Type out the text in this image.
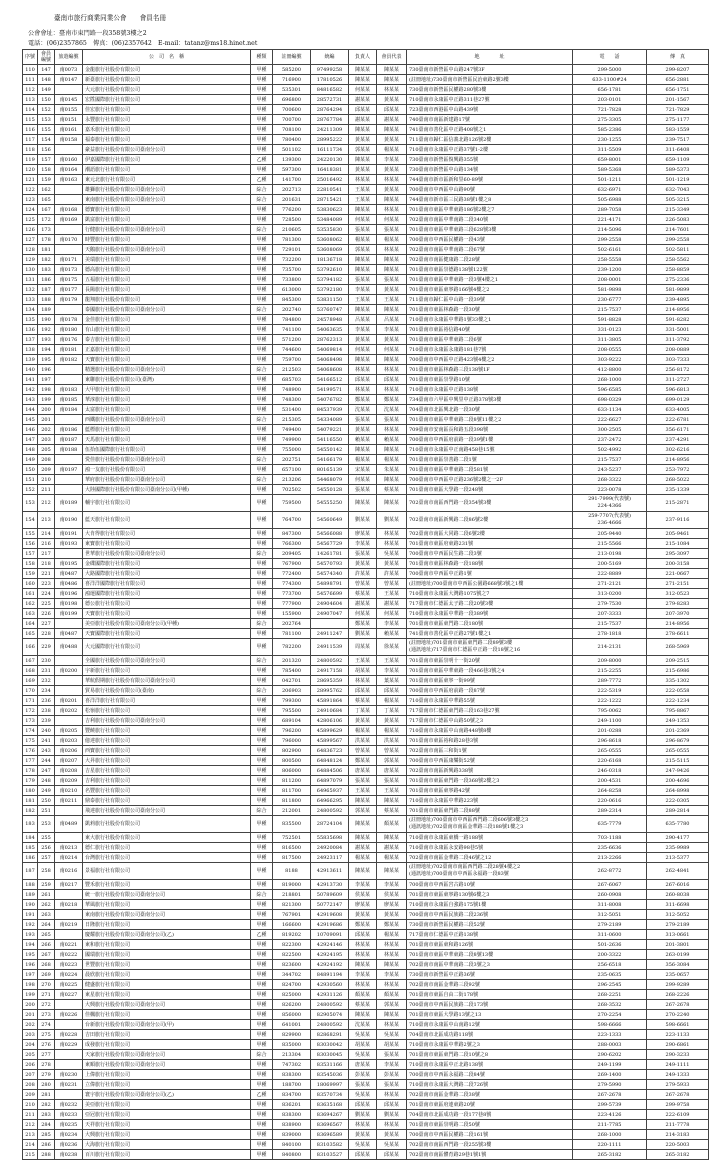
臺南市旅行商業同業公會　　會員名冊
公會會址：臺南市東門路一段358號3樓之2
電話：(06)2357865　傳真：(06)2357642　E-mail：tatanz@ms18.hinet.net
序號	會員編號	旅遊編號	公　司　名　稱	種類	註冊編號	統編	負責人	會員代表	地　　　　址	電　　話	傳　真
110	147	南0073	金龍旅行社股份有限公司	甲種	585200	97499258	陳某某	陳某某	730臺南市新營區中山路247號3F	299-5000	299-8207
111	148	南0147	新臺旅行社股份有限公司	甲種	716900	17810526	陳某某	陳某某	(註冊地址)730臺南市新營區民治東路2號3樓	633-1100#24	656-2881
112	149		大元旅行社股份有限公司	甲種	535301	84816582	何某某	林某某	730臺南市新營區民權路280號3樓	656-1781	656-1751
113	150	南0145	宏陞國際旅行社有限公司	甲種	696800	28572731	謝某某	黃某某	710臺南市永康區中正路311巷27號	203-0101	201-1567
114	152	南0155	佳宏旅行社有限公司	甲種	700600	28764294	邱某某	邱某某	723臺南市西港區中山路439號	721-7828	721-7829
115	153	南0151	永豐旅行社有限公司	甲種	700700	28767784	謝某某	謝某某	740臺南市南區新建路17號	275-3305	275-1177
116	155	南0161	嘉禾旅行社有限公司	甲種	708100	24211309	陳某某	陳某某	741臺南市善化區中正路408號之1	585-2386	583-1559
117	154	南0158	福泰旅行社有限公司	甲種	780400	28995222	黃某某	黃某某	711臺南市歸仁區信義北路126號2樓	230-1255	239-7517
118	156		豪益旅行社股份有限公司臺南分公司	甲種	501102	16111734	郭某某	楊某某	710臺南市永康區中正路37號1-2樓	311-5509	311-6408
119	157	南0160	伊嘉國際旅行社有限公司	乙種	139300	24220130	陳某某	李某某	730臺南市新營區復興路355號	659-8001	659-1109
120	158	南0164	潮語旅行社有限公司	甲種	597300	16418381	黃某某	黃某某	730臺南市新營區中山路134號	589-5368	589-5373
121	159	南0163	東元北旅行社有限公司	乙種	141700	25016492	林某某	林某某	744臺南市新市區新和里60-89號	501-1211	501-1219
122	162		雄獅旅行社股份有限公司臺南分公司	綜合	202713	22810541	王某某	黃某某	700臺南市中西區中山路90號	632-6971	632-7043
123	165		東南旅行社股份有限公司臺南分公司	綜合	201631	28715421	王某某	陳某某	744臺南市新市區三民路38號1樓之8	505-6988	505-3215
124	167	南0168	德寶旅行社有限公司	甲種	776200	53830623	陳某某	林某某	701臺南市東區中華東路186號2樓之7	289-7058	215-3349
125	172	南0169	凱富旅行社有限公司	甲種	728500	53484089	何某某	何某某	702臺南市南區中華南路二段340號	221-4171	226-5083
126	173		行健旅行社股份有限公司臺南分公司	綜合	210605	53535830	張某某	張某某	701臺南市東區中華東路三段628號3樓	214-5096	214-7601
127	178	南0170	時豐旅行社有限公司	甲種	781300	53608062	楊某某	楊某某	700臺南市中西區民權路一段43號	299-2558	299-2558
128	181		天鵝旅行社股份有限公司臺南分公司	甲種	729101	53608069	郭某某	林某某	702臺南市南區中華南路二段67號	502-6161	502-5811
129	182	南0171	美瑞旅行社有限公司	甲種	732200	18136718	陳某某	陳某某	702臺南市南區健康路二段28號	258-5558	258-5562
130	183	南0173	德高旅行社有限公司	甲種	735700	53792610	陳某某	陳某某	701臺南市東區崇德路138號122號	239-1200	258-8859
131	186	南0175	五福旅行社有限公司	甲種	733800	53794182	張某某	張某某	701臺南市東區中華東路一段3號4樓之1	208-0001	275-2336
132	187	南0177	長陽旅行社有限公司	甲種	613000	53792180	李某某	黃某某	701臺南市東區東寧路166號4樓之2	581-9898	581-9899
133	188	南0179	龍翔旅行社股份有限公司	甲種	845300	53831150	王某某	王某某	711臺南市歸仁區中山路一段39號	230-6777	239-4895
134	189		泰國旅行社股份有限公司臺南分公司	綜合	202740	53760747	陳某某	陳某某	701臺南市東區林森路一段30號	215-7537	214-8956
135	190	南0178	金佳旅行社有限公司	甲種	784800	24578948	呂某某	呂某某	710臺南市永康區中華路1號33樓之1	591-8828	591-8282
136	192	南0180	有山旅行社有限公司	甲種	741100	54063635	李某某	李某某	701臺南市東區裕信路40號	331-0123	331-5001
137	193	南0176	泰吉旅行社有限公司	甲種	571200	28762313	黃某某	黃某某	701臺南市東區中華東路二段6號	311-3805	311-3792
138	194	南0181	正嘉旅行社有限公司	甲種	744600	54069814	何某某	何某某	710臺南市永康區永康路181巷7號	208-0555	208-0889
139	195	南0182	天寶旅行社有限公司	甲種	759700	54068498	陳某某	陳某某	700臺南市中西區中正路423號4樓之2	303-9222	303-7333
140	196		精選旅行社股份有限公司臺南分公司	綜合	212503	54068608	林某某	林某某	701臺南市東區林森路三段138號1F	412-8800	256-8172
141	197		東聯旅行社股份有限公司(臺灣)	甲種	685703	54166512	邱某某	邱某某	701臺南市東區崇學路10號	268-1000	311-2727
142	198	南0183	大甲旅行社有限公司	甲種	748900	54199571	林某某	林某某	710臺南市永康區中正路138號	596-6585	596-6813
143	199	南0185	華淳旅行社有限公司	甲種	748300	54076782	鄭某某	鄭某某	734臺南市六甲區中興里中正路378號3樓	698-0329	699-0129
144	200	南0184	太富旅行社有限公司	甲種	531400	84537939	沈某某	沈某某	704臺南市北區興北路一段30號	633-1134	633-4005
145	201		西鐵旅行社股份有限公司臺南分公司	綜合	215305	54334089	張某某	張某某	701臺南市東區中華東路二段8號11樓之2	222-6627	222-6781
146	202	南0186	藍標旅行社有限公司	甲種	749400	54079221	黃某某	林某某	709臺南市安南區長和路五段398號	300-2505	356-6171
147	203	南0187	天馬旅行社有限公司	甲種	749900	54116550	賴某某	賴某某	700臺南市中西區府前路一段39號1樓	237-2472	237-4291
148	205	南0188	伍拾伍國際旅行社有限公司	甲種	755000	54550142	陳某某	陳某某	710臺南市永康區中正南路458巷15號	502-4992	302-6216
149	208		愛佳旅行社股份有限公司臺南分公司	綜合	202751	54166179	楊某某	楊某某	701臺南市東區崇善路二段1號	215-7537	214-8956
150	209	南0197	鴻一友旅行社股份有限公司	甲種	657100	80165139	宋某某	朱某某	701臺南市東區中華東路二段581號	243-5237	253-7972
151	210		華府旅行社股份有限公司臺南分公司	綜合	213206	54468079	何某某	陳某某	700臺南市中西區中正路236號2樓之一2F	268-3322	268-5022
152	211		大陸國際旅行社股份有限公司臺南分公司(甲種)	甲種	702502	54550128	張某某	蔡某某	701臺南市東區大學路一段248號	223-0078	235-1339
153	212	南0189	輔宇旅行社有限公司	甲種	759500	54555250	陳某某	陳某某	702臺南市南區西門路一段354號3樓	291-7999(代表號)
224-4366	215-2871
154	213	南0190	藍天旅行社有限公司	甲種	764700	54560649	劉某某	劉某某	702臺南市南區新興路二段86號2樓	259-7707(代表號)
236-4666	237-9116
155	214	南0191	大肯得旅行社有限公司	甲種	847300	54566088	廖某某	林某某	702臺南市南區大同路二段6號2樓	205-9440	205-9461
156	216	南0193	東寶旅行社有限公司	甲種	766300	54567729	李某某	林某某	701臺南市東區府東路231號	215-5566	215-1084
157	217		世華旅行社股份有限公司臺南分公司	綜合	209405	14261781	張某某	吳某某	700臺南市中西區民生路二段3號	213-0198	295-3097
158	218	南0195	金碟國際旅行社有限公司	甲種	767900	54570793	黃某某	黃某某	701臺南市東區林森路一段188號	200-5169	200-3158
159	221	南0487	大路國際旅行社有限公司	甲種	772400	54574340	許某某	許某某	700臺南市中西區中正路1號	222-8889	221-0667
160	223	南0486	喜洋洋國際旅行社有限公司	甲種	774300	54898791	曾某某	曾某某	(註冊地址)700臺南市中西區公園路668號3號之1樓	271-2121	271-2151
161	224	南0196	鴻運國際旅行社有限公司	甲種	773700	54576699	蔡某某	王某某	710臺南市永康區大灣路1075號之7	313-0200	312-0523
162	225	南0198	德公旅行社有限公司	甲種	777900	24904604	謝某某	謝某某	717臺南市仁德區太子路二段20號3樓	279-7530	279-8283
163	226	南0199	天寶旅行社有限公司	甲種	155900	24907047	何某某	何某某	710臺南市永康區中華路一段389號	207-3333	207-3970
164	227		美亞旅行社股份有限公司臺南分公司(甲種)	綜合	202764		鄭某某	李某某	701臺南市東區東門路二段180號	215-7537	214-8956
165	228	南0487	天寶國際旅行社有限公司	甲種	781100	24911247	劉某某	賴某某	741臺南市善化區中正路27號1樓之1	278-1818	278-6611
166	229	南0488	大元國際旅行社有限公司	甲種	782200	24911539	周某某	徐某某	(註冊地址)701臺南市東區東門路二段89號3樓
(通訊地址)717臺南市仁德區中正路一段18號之16	214-2131	268-5969
167	230		全國旅行社股份有限公司臺南分公司	綜合	201320	24800592	王某某	王某某	701臺南市東區崇明十一街20號	209-8000	209-2515
168	231	南0200	宇新旅行社有限公司	甲種	785400	24917158	胡某某	李某某	701臺南市東區中華東路一段466巷3號之4	215-2255	215-6986
169	232		華航假期旅行社股份有限公司臺南分公司	甲種	042701	28695359	林某某	葉某某	701臺南市東區東寧一街99號	289-7772	335-1302
170	234		貿易旅行社股份有限公司(臺南)	綜合	206903	28995762	邱某某	邱某某	700臺南市中西區府前路一段87號	222-5319	222-0558
171	236	南0201	喜洋洋旅行社有限公司	甲種	799300	45891864	蔡某某	楊某某	710臺南市永康區中華路55號	222-1222	222-1234
172	238	南0202	松嶺旅行社有限公司	甲種	795500	24910684	丁某某	丁某某	717臺南市仁德區東門路三段163巷27號	795-0062	795-8867
173	239		吉利旅行社股份有限公司臺南分公司	甲種	689104	42806106	黃某某	黃某某	717臺南市仁德區中山路50號之3	249-1100	249-1353
174	240	南0205	豐饒旅行社有限公司	甲種	796200	45899629	楊某某	楊某某	710臺南市永康區中山南路448號8樓	201-0288	201-2369
175	241	南0203	億達旅行社有限公司	甲種	796000	45899567	洪某某	洪某某	701臺南市東區裕和路28巷3號	296-8618	296-8679
176	243	南0206	西寶旅行社有限公司	甲種	802900	64836723	曾某某	曾某某	702臺南市南區三和街1號	265-0555	265-0555
177	244	南0207	大昇旅行社有限公司	甲種	800500	64848124	鄭某某	郭某某	700臺南市中西區康樂街52號	220-6168	215-5115
178	247	南0208	吉星旅行社有限公司	甲種	806000	64884506	唐某某	唐某某	702臺南市南區新興路338號	246-0318	247-9426
179	248	南0209	吉利旅行社有限公司	甲種	811200	64897079	張某某	張某某	701臺南市東區東門路一段368號2樓之3	200-4531	200-4696
180	249	南0210	名豐旅行社有限公司	甲種	811700	64965937	王某某	王某某	701臺南市東區東寧路42號	264-8258	264-8998
181	250	南0211	鼎泰旅行社有限公司	甲種	811800	64966295	陳某某	陳某某	710臺南市永康區中華路223號	220-0616	222-0305
182	251		飛達旅行社股份有限公司臺南分公司	綜合	212001	24800592	郭某某	蔡某某	701臺南市東區東門路二段88號	289-2314	289-2814
183	253	南0489	凱莉旅行社股份有限公司	甲種	835500	28724104	陳某某	顏某某	(註冊地址)700臺南市中西區西門路二段606號3樓之3
(通訊地址)702臺南市南區金華路三段188號1樓之3	635-7779	635-7780
184	255		東大旅行社股份有限公司	甲種	752501	55835698	陳某某	陳某某	710臺南市永康區東橋一路188號	703-1188	290-4177
185	256	南0213	德仁旅行社有限公司	甲種	816500	24920084	謝某某	謝某某	710臺南市永康區永安路98巷5號	235-6636	235-9989
186	257	南0214	台灣旅行社有限公司	甲種	817500	24923117	楊某某	楊某某	702臺南市南區金華路二段46號之12	213-2266	213-5377
187	258	南0216	景福旅行社有限公司	甲種	8188	42913611	陳某某	陳某某	(註冊地址)702臺南市南區西門路二段28號4樓之2
(通訊地址)700臺南市中西區永福路一段83號	262-8772	262-4841
188	259	南0217	豐禾旅行社有限公司	甲種	819000	42913730	李某某	李某某	700臺南市中西區宮古路10號	267-6067	267-6016
189	261		統一旅行社股份有限公司臺南分公司	綜合	218801	50789609	侯某某	侯某某	701臺南市東區東寧路130號6樓之3	260-0908	260-8038
190	262	南0218	華風旅行社有限公司	甲種	821300	50772147	廖某某	廖某某	710臺南市永康區自強路175號1樓	311-8008	311-6698
191	263		東南旅行社股份有限公司臺南分公司	甲種	767901	42919608	黃某某	黃某某	700臺南市中西區民族路二段236號	312-5051	312-5052
192	264	南0219	日隆旅行社有限公司	甲種	166600	42919686	鄭某某	鄭某某	730臺南市新營區民權路三段52號	279-2189	279-2189
193	265		慶耀旅行社股份有限公司臺南分公司(乙)	乙種	819202	10709091	邱某某	楊某某	717臺南市仁德區中正路138號	311-0600	313-0661
194	266	南0221	東和旅行社有限公司	甲種	822300	42924146	林某某	林某某	701臺南市東區東和路126號	501-2636	201-3801
195	267	南0222	國瑞旅行社有限公司	甲種	822500	42924195	林某某	林某某	701臺南市東區中華東路二段8號13樓	200-3322	263-0199
196	268	南0223	世豐旅行社有限公司	甲種	823600	42924192	陳某某	陳某某	702臺南市南區中華南路二段3號之3	256-6518	356-3084
197	269	南0224	晨欣旅行社有限公司	甲種	344702	84891194	李某某	李某某	730臺南市新營區中正路36號	235-0635	235-0657
198	270	南0225	健盛旅行社有限公司	甲種	824700	42930560	林某某	林某某	702臺南市南區金華路三段92號	296-2545	299-9289
199	271	南0227	東星旅行社有限公司	甲種	825000	42931126	顏某某	顏某某	701臺南市東區自由二街178號	268-2251	268-2226
200	272		大興旅行社股份有限公司臺南分公司	甲種	826200	24800592	蔡某某	郭某某	700臺南市中西區民族路二段173號	268-3532	267-2678
201	273	南0226	佳楓旅行社有限公司	甲種	856000	82905074	陳某某	陳某某	701臺南市東區大學路13號之13	270-2254	270-2240
202	274		台新旅行社股份有限公司臺南分公司(甲)	甲種	641001	24800592	沈某某	林某某	710臺南市永康區中山南路12號	598-6666	598-6661
203	275	南0228	吉田旅行社有限公司	甲種	829900	82868291	吳某某	吳某某	704臺南市北區成功路118號	223-1333	223-1133
204	276	南0229	成發旅行社有限公司	甲種	835000	83030042	胡某某	胡某某	710臺南市永康區中華路2號之3	288-0003	290-6861
205	277		天家旅行社股份有限公司臺南分公司	綜合	213304	83030045	吳某某	張某某	701臺南市東區東門路二段10號之8	290-6202	290-3233
206	278		東順旅行社股份有限公司臺南分公司	甲種	747302	83531166	唐某某	李某某	710臺南市永康區中正北路138號	249-1199	249-1111
207	279	南0230	上偉旅行社有限公司	甲種	838300	83545036	彭某某	彭某某	700臺南市中西區永福路二段84號	269-1400	249-1333
208	280	南0231	立偉旅行社有限公司	甲種	188700	18069997	張某某	張某某	710臺南市永康區大灣路二段726號	279-5990	279-5933
209	281		寰宇旅行社股份有限公司臺南分公司(乙)	乙種	834700	83570734	吳某某	林某某	702臺南市南區金華路二段38號	267-2678	267-2678
210	282	南0232	美亞旅行社有限公司	甲種	836201	83635168	邱某某	邱某某	701臺南市東區府連東路20號	299-5739	299-9758
211	283	南0233	亞冠旅行社有限公司	甲種	838300	83694267	劉某某	劉某某	704臺南市北區成功路一段177巷8號	223-4126	222-6109
212	284	南0235	天祥旅行社有限公司	甲種	838900	83696567	林某某	林某某	701臺南市東區崇明路二段50號	211-7785	211-7778
213	285	南0234	大興旅行社有限公司	甲種	839000	83696589	黃某某	黃某某	700臺南市中西區民權路二段161號	268-1000	214-3183
214	286	南0236	大海旅行社有限公司	甲種	840100	83103582	吳某某	吳某某	702臺南市南區西門路一段255號3樓	220-1111	220-5003
215	288	南0238	百川旅行社有限公司	甲種	840800	83103527	邱某某	邱某某	702臺南市南區體育路29巷1號1號	265-3182	265-3182
